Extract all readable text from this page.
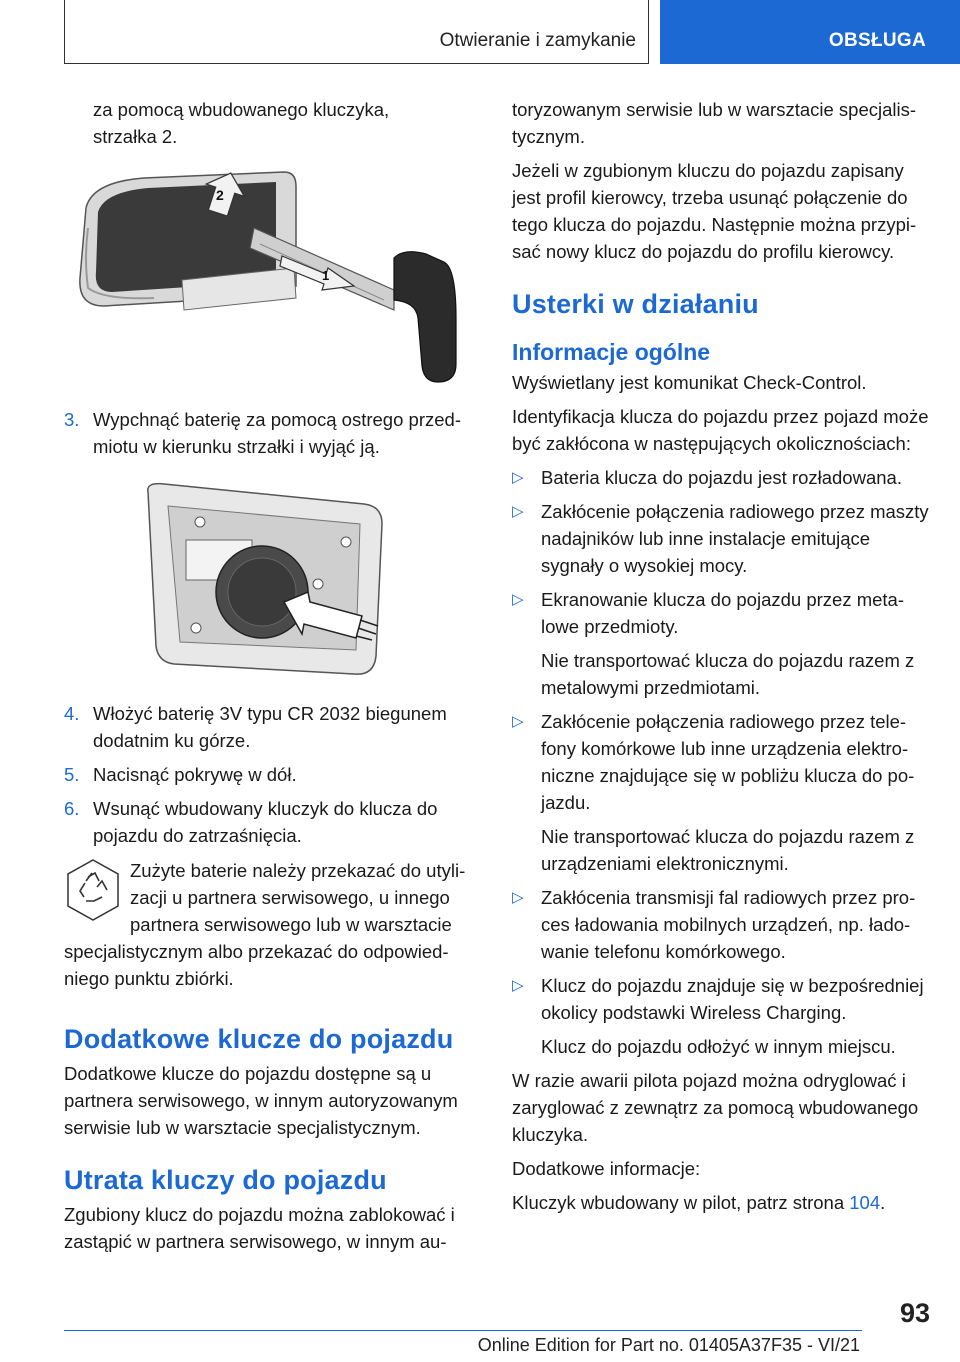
Otwieranie i zamykanie	OBSŁUGA
za pomocą wbudowanego kluczyka,
strzałka 2.
2
1
3. Wypchnąć baterię za pomocą ostrego przedmiotu w kierunku strzałki i wyjąć ją.
4. Włożyć baterię 3V typu CR 2032 biegunem dodatnim ku górze.
5. Nacisnąć pokrywę w dół.
6. Wsunąć wbudowany kluczyk do klucza do pojazdu do zatrzaśnięcia.
Zużyte baterie należy przekazać do utylizacji u partnera serwisowego, u innego partnera serwisowego lub w warsztacie specjalistycznym albo przekazać do odpowiedniego punktu zbiórki.
Dodatkowe klucze do pojazdu
Dodatkowe klucze do pojazdu dostępne są u partnera serwisowego, w innym autoryzowanym serwisie lub w warsztacie specjalistycznym.
Utrata kluczy do pojazdu
Zgubiony klucz do pojazdu można zablokować i zastąpić w partnera serwisowego, w innym au-
toryzowanym serwisie lub w warsztacie specjalistycznym.
Jeżeli w zgubionym kluczu do pojazdu zapisany jest profil kierowcy, trzeba usunąć połączenie do tego klucza do pojazdu. Następnie można przypisać nowy klucz do pojazdu do profilu kierowcy.
Usterki w działaniu
Informacje ogólne
Wyświetlany jest komunikat Check-Control.
Identyfikacja klucza do pojazdu przez pojazd może być zakłócona w następujących okolicznościach:
▷ Bateria klucza do pojazdu jest rozładowana.
▷ Zakłócenie połączenia radiowego przez maszty nadajników lub inne instalacje emitujące sygnały o wysokiej mocy.
▷ Ekranowanie klucza do pojazdu przez metalowe przedmioty.
Nie transportować klucza do pojazdu razem z metalowymi przedmiotami.
▷ Zakłócenie połączenia radiowego przez telefony komórkowe lub inne urządzenia elektroniczne znajdujące się w pobliżu klucza do pojazdu.
Nie transportować klucza do pojazdu razem z urządzeniami elektronicznymi.
▷ Zakłócenia transmisji fal radiowych przez proces ładowania mobilnych urządzeń, np. ładowanie telefonu komórkowego.
▷ Klucz do pojazdu znajduje się w bezpośredniej okolicy podstawki Wireless Charging.
Klucz do pojazdu odłożyć w innym miejscu.
W razie awarii pilota pojazd można odryglować i zaryglować z zewnątrz za pomocą wbudowanego kluczyka.
Dodatkowe informacje:
Kluczyk wbudowany w pilot, patrz strona 104.
93
Online Edition for Part no. 01405A37F35 - VI/21
